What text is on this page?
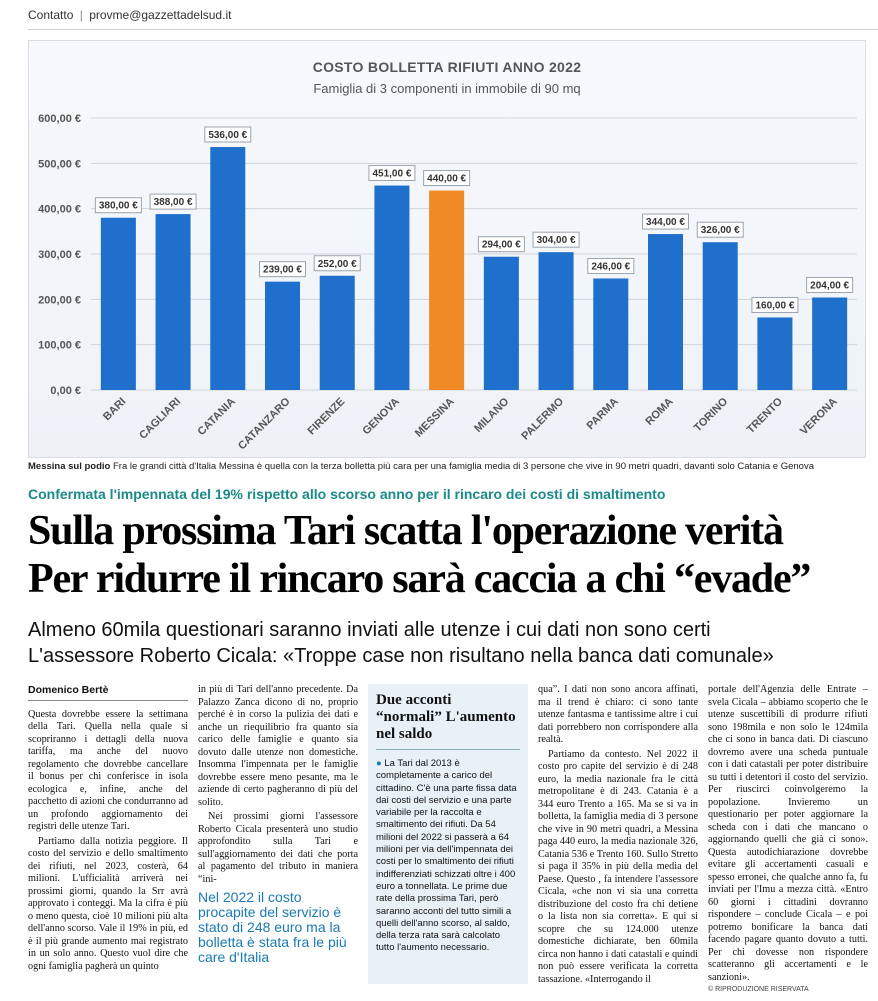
Contatto | provme@gazzettadelsud.it
COSTO BOLLETTA RIFIUTI ANNO 2022
Famiglia di 3 componenti in immobile di 90 mq
0,00 €
100,00 €
200,00 €
300,00 €
400,00 €
500,00 €
600,00 €
380,00 €
BARI
388,00 €
CAGLIARI
536,00 €
CATANIA
239,00 €
CATANZARO
252,00 €
FIRENZE
451,00 €
GENOVA
440,00 €
MESSINA
294,00 €
MILANO
304,00 €
PALERMO
246,00 €
PARMA
344,00 €
ROMA
326,00 €
TORINO
160,00 €
TRENTO
204,00 €
VERONA
Messina sul podio Fra le grandi città d'Italia Messina è quella con la terza bolletta più cara per una famiglia media di 3 persone che vive in 90 metri quadri, davanti solo Catania e Genova
Confermata l'impennata del 19% rispetto allo scorso anno per il rincaro dei costi di smaltimento
Sulla prossima Tari scatta l'operazione verità
Per ridurre il rincaro sarà caccia a chi “evade”
Almeno 60mila questionari saranno inviati alle utenze i cui dati non sono certi
L'assessore Roberto Cicala: «Troppe case non risultano nella banca dati comunale»
Domenico Bertè

Questa dovrebbe essere la settimana della Tari. Quella nella quale si scopriranno i dettagli della nuova tariffa, ma anche del nuovo regolamento che dovrebbe cancellare il bonus per chi conferisce in isola ecologica e, infine, anche del pacchetto di azioni che condurranno ad un profondo aggiornamento dei registri delle utenze Tari.

Partiamo dalla notizia peggiore. Il costo del servizio e dello smaltimento dei rifiuti, nel 2023, costerà, 64 milioni. L'ufficialità arriverà nei prossimi giorni, quando la Srr avrà approvato i conteggi. Ma la cifra è più o meno questa, cioè 10 milioni più alta dell'anno scorso. Vale il 19% in più, ed è il più grande aumento mai registrato in un solo anno. Questo vuol dire che ogni famiglia pagherà un quinto

in più di Tari dell'anno precedente. Da Palazzo Zanca dicono di no, proprio perché è in corso la pulizia dei dati e anche un riequilibrio fra quanto sia carico delle famiglie e quanto sia dovuto dalle utenze non domestiche. Insomma l'impennata per le famiglie dovrebbe essere meno pesante, ma le aziende di certo pagheranno di più del solito.

Nei prossimi giorni l'assessore Roberto Cicala presenterà uno studio approfondito sulla Tari e sull'aggiornamento dei dati che porta al pagamento del tributo in maniera “ini-

Nel 2022 il costo procapite del servizio è stato di 248 euro ma la bolletta è stata fra le più care d'Italia
Due acconti “normali” L'aumento nel saldo
● La Tari dal 2013 è completamente a carico del cittadino. C'è una parte fissa data dai costi del servizio e una parte variabile per la raccolta e smaltimento dei rifiuti. Da 54 milioni del 2022 si passerà a 64 milioni per via dell'impennata dei costi per lo smaltimento dei rifiuti indifferenziati schizzati oltre i 400 euro a tonnellata. Le prime due rate della prossima Tari, però saranno acconti del tutto simili a quelli dell'anno scorso, al saldo, della terza rata sarà calcolato tutto l'aumento necessario.

qua”. I dati non sono ancora affinati, ma il trend è chiaro: ci sono tante utenze fantasma e tantissime altre i cui dati porrebbero non corrispondere alla realtà.

Partiamo da contesto. Nel 2022 il costo pro capite del servizio è di 248 euro, la media nazionale fra le città metropolitane è di 243. Catania è a 344 euro Trento a 165. Ma se si va in bolletta, la famiglia media di 3 persone che vive in 90 metri quadri, a Messina paga 440 euro, la media nazionale 326, Catania 536 e Trento 160. Sullo Stretto si paga il 35% in più della media del Paese. Questo , fa intendere l'assessore Cicala, «che non vi sia una corretta distribuzione del costo fra chi detiene o la lista non sia corretta». E qui si scopre che su 124.000 utenze domestiche dichiarate, ben 60mila circa non hanno i dati catastali e quindi non può essere verificata la corretta tassazione. «Interrogando il

portale dell'Agenzia delle Entrate – svela Cicala – abbiamo scoperto che le utenze suscettibili di produrre rifiuti sono 198mila e non solo le 124mila che ci sono in banca dati. Di ciascuno dovremo avere una scheda puntuale con i dati catastali per poter distribuire su tutti i detentori il costo del servizio. Per riuscirci coinvolgeremo la popolazione. Invieremo un questionario per poter aggiornare la scheda con i dati che mancano o aggiornando quelli che già ci sono». Questa autodichiarazione dovrebbe evitare gli accertamenti casuali e spesso erronei, che qualche anno fa, fu inviati per l'Imu a mezza città. «Entro 60 giorni i cittadini dovranno rispondere – conclude Cicala – e poi potremo bonificare la banca dati facendo pagare quanto dovuto a tutti. Per chi dovesse non rispondere scatteranno gli accertamenti e le sanzioni».

© RIPRODUZIONE RISERVATA
